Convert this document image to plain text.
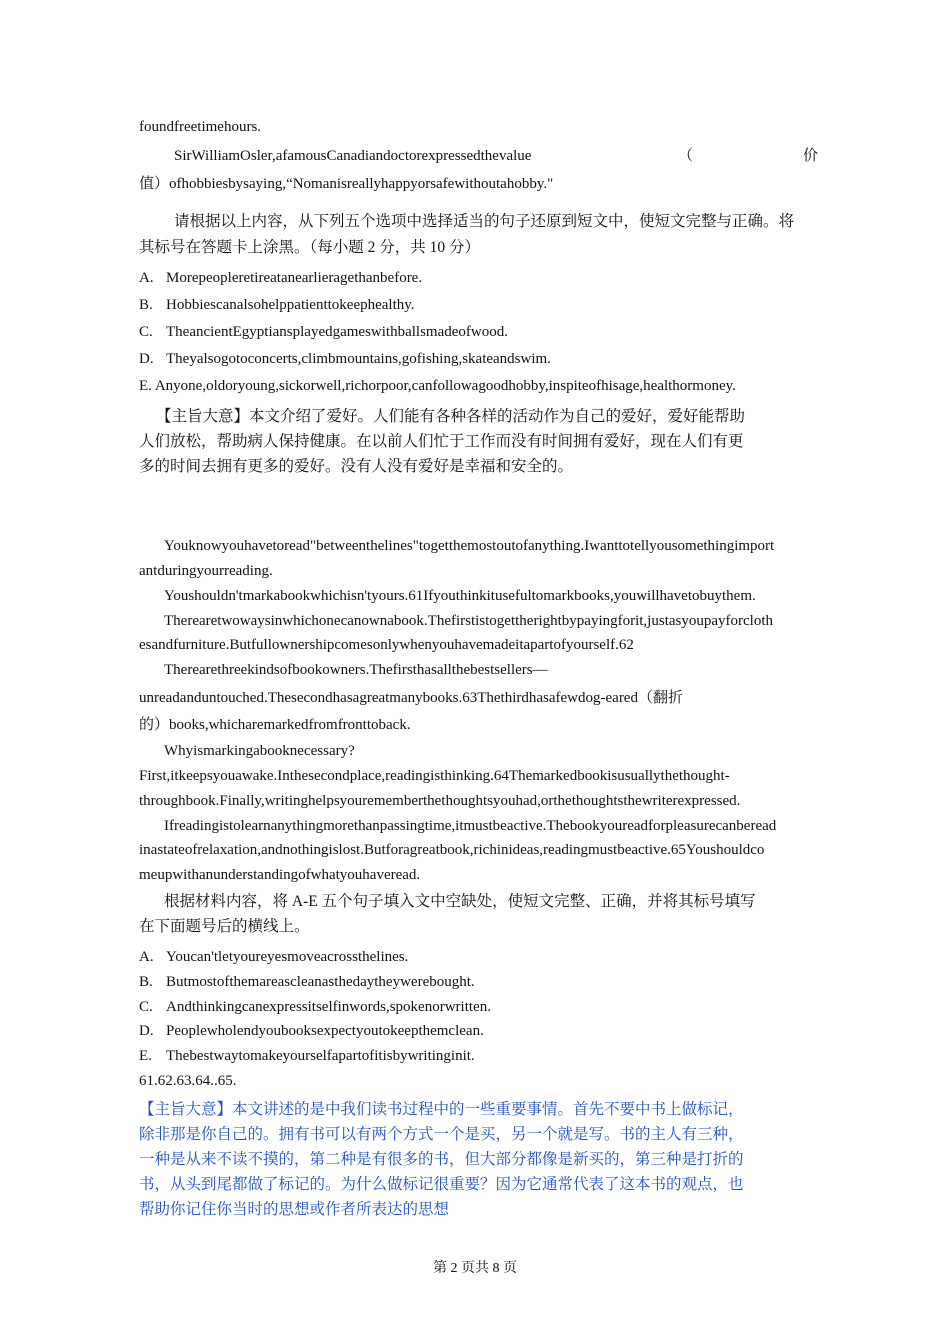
foundfreetimehours.
SirWilliamOsler,afamousCanadiandoctorexpressedthevalue	（	价
值）ofhobbiesbysaying,“Nomanisreallyhappyorsafewithoutahobby."
请根据以上内容，从下列五个选项中选择适当的句子还原到短文中，使短文完整与正确。将
其标号在答题卡上涂黑。（每小题 2 分，共 10 分）
A. Morepeopleretireatanearlieragethanbefore.
B. Hobbiescanalsohelppatienttokeephealthy.
C. TheancientEgyptiansplayedgameswithballsmadeofwood.
D. Theyalsogotoconcerts,climbmountains,gofishing,skateandswim.
E. Anyone,oldoryoung,sickorwell,richorpoor,canfollowagoodhobby,inspiteofhisage,healthormoney.
【主旨大意】本文介绍了爱好。人们能有各种各样的活动作为自己的爱好，爱好能帮助
人们放松，帮助病人保持健康。在以前人们忙于工作而没有时间拥有爱好，现在人们有更
多的时间去拥有更多的爱好。没有人没有爱好是幸福和安全的。
Youknowyouhavetoread"betweenthelines"togetthemostoutofanything.Iwanttotellyousomethingimport
antduringyourreading.
Youshouldn'tmarkabookwhichisn'tyours.61Ifyouthinkitusefultomarkbooks,youwillhavetobuythem.
Therearetwowaysinwhichonecanownabook.Thefirstistogettherightbypayingforit,justasyoupayforcloth
esandfurniture.Butfullownershipcomesonlywhenyouhavemadeitapartofyourself.62
Therearethreekindsofbookowners.Thefirsthasallthebestsellers—
unreadanduntouched.Thesecondhasagreatmanybooks.63Thethirdhasafewdog-eared（翻折
的）books,whicharemarkedfromfronttoback.
Whyismarkingabooknecessary?
First,itkeepsyouawake.Inthesecondplace,readingisthinking.64Themarkedbookisusuallythethought-
throughbook.Finally,writinghelpsyourememberthethoughtsyouhad,orthethoughtsthewriterexpressed.
Ifreadingistolearnanythingmorethanpassingtime,itmustbeactive.Thebookyoureadforpleasurecanberead
inastateofrelaxation,andnothingislost.Butforagreatbook,richinideas,readingmustbeactive.65Youshouldco
meupwithanunderstandingofwhatyouhaveread.
根据材料内容，将 A-E 五个句子填入文中空缺处，使短文完整、正确，并将其标号填写
在下面题号后的横线上。
A. Youcan'tletyoureyesmoveacrossthelines.
B. Butmostofthemareascleanasthedaytheywerebought.
C. Andthinkingcanexpressitselfinwords,spokenorwritten.
D. Peoplewholendyoubooksexpectyoutokeepthemclean.
E. Thebestwaytomakeyourselfapartofitisbywritinginit.
61.62.63.64..65.
【主旨大意】本文讲述的是中我们读书过程中的一些重要事情。首先不要中书上做标记，
除非那是你自己的。拥有书可以有两个方式一个是买，另一个就是写。书的主人有三种，
一种是从来不读不摸的，第二种是有很多的书，但大部分都像是新买的，第三种是打折的
书，从头到尾都做了标记的。为什么做标记很重要？因为它通常代表了这本书的观点，也
帮助你记住你当时的思想或作者所表达的思想
第 2 页共 8 页
